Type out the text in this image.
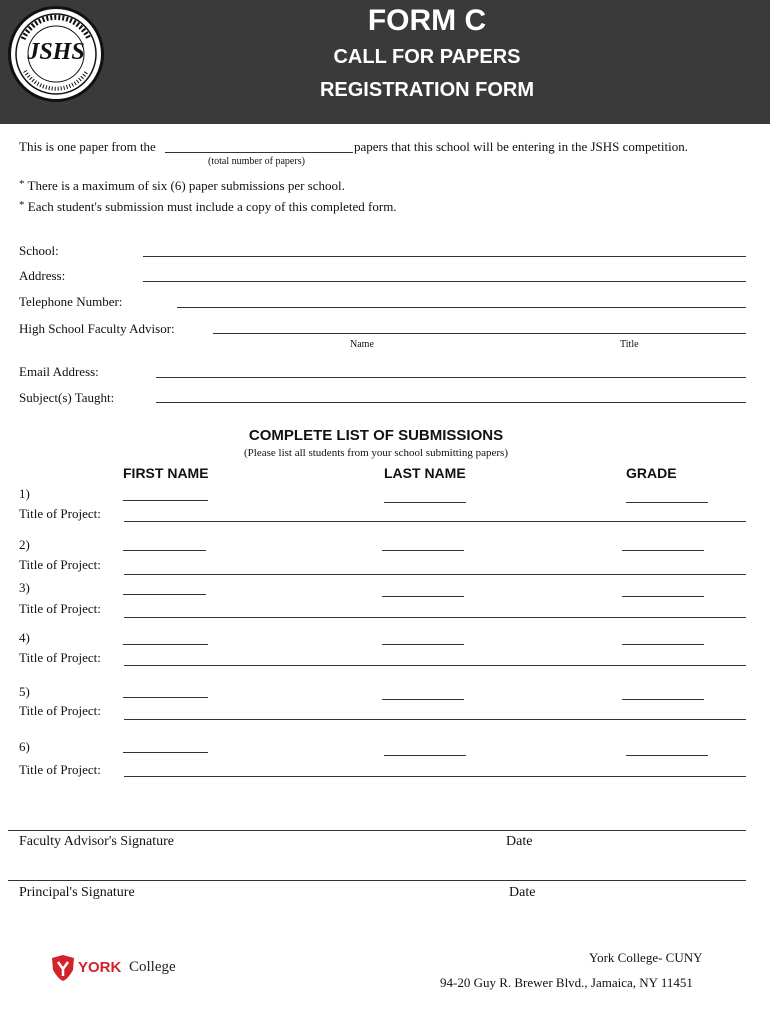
JSHS
FORM C
CALL FOR PAPERS
REGISTRATION FORM
This is one paper from the	papers that this school will be entering in the JSHS competition.
(total number of papers)
* There is a maximum of six (6) paper submissions per school.
* Each student's submission must include a copy of this completed form.
School:
Address:
Telephone Number:
High School Faculty Advisor:
Name	Title
Email Address:
Subject(s) Taught:
COMPLETE LIST OF SUBMISSIONS
(Please list all students from your school submitting papers)
FIRST NAME	LAST NAME	GRADE
1)
Title of Project:
2)
Title of Project:
3)
Title of Project:
4)
Title of Project:
5)
Title of Project:
6)
Title of Project:
Faculty Advisor's Signature	Date
Principal's Signature	Date
YORK College
York College- CUNY
94-20 Guy R. Brewer Blvd., Jamaica, NY 11451
